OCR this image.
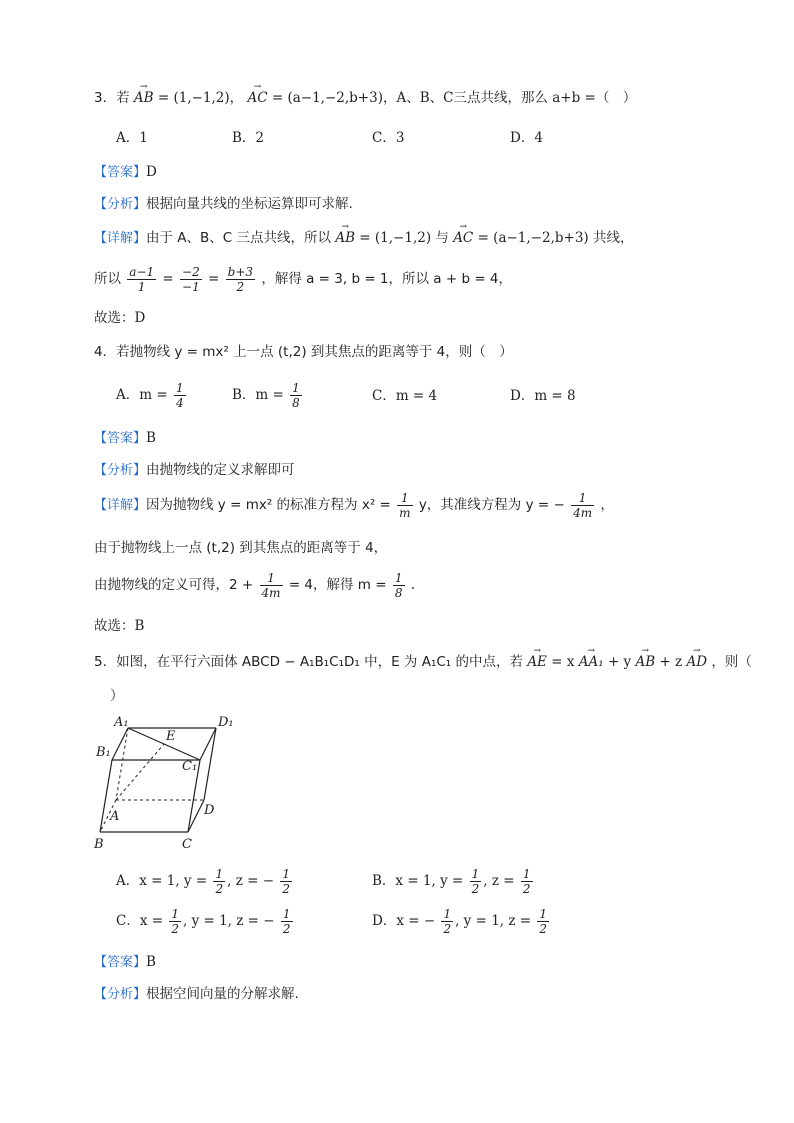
3．若 → AB = (1,−1,2)， → AC = (a−1,−2,b+3)，A、B、C三点共线，那么 a+b =（　）
A．1	B．2	C．3	D．4
【答案】D
【分析】根据向量共线的坐标运算即可求解.
【详解】由于 A、B、C 三点共线，所以 → AB = (1,−1,2) 与 → AC = (a−1,−2,b+3) 共线，
所以 $\frac{a-1}{1} = \frac{-2}{-1} = \frac{b+3}{2}$ ，解得 a = 3, b = 1，所以 a + b = 4，
故选：D
4．若抛物线 y = mx² 上一点 (t,2) 到其焦点的距离等于 4，则（　）
A．$m = \frac{1}{4}$	B．$m = \frac{1}{8}$	C．m = 4	D．m = 8
【答案】B
【分析】由抛物线的定义求解即可
【详解】因为抛物线 y = mx² 的标准方程为 $x^2 = \frac{1}{m}$ y，其准线方程为 y = − $\frac{1}{4m}$ ，
由于抛物线上一点 (t,2) 到其焦点的距离等于 4，
由抛物线的定义可得，$2 + \frac{1}{4m} = 4$，解得 $m = \frac{1}{8}$ .
故选：B
5．如图，在平行六面体 ABCD − A₁B₁C₁D₁ 中，E 为 A₁C₁ 的中点，若 → AE = x → AA₁ + y → AB + z → AD ，则（
）
A₁	D₁
E
B₁
C₁
A	D
B	C
A．x = 1, $y = \frac{1}{2}$ , z = − $\frac{1}{2}$	B．x = 1, $y = \frac{1}{2}$ , $z = \frac{1}{2}$
C．$x = \frac{1}{2}$ , y = 1, z = − $\frac{1}{2}$	D．x = − $\frac{1}{2}$ , y = 1, $z = \frac{1}{2}$
【答案】B
【分析】根据空间向量的分解求解.
